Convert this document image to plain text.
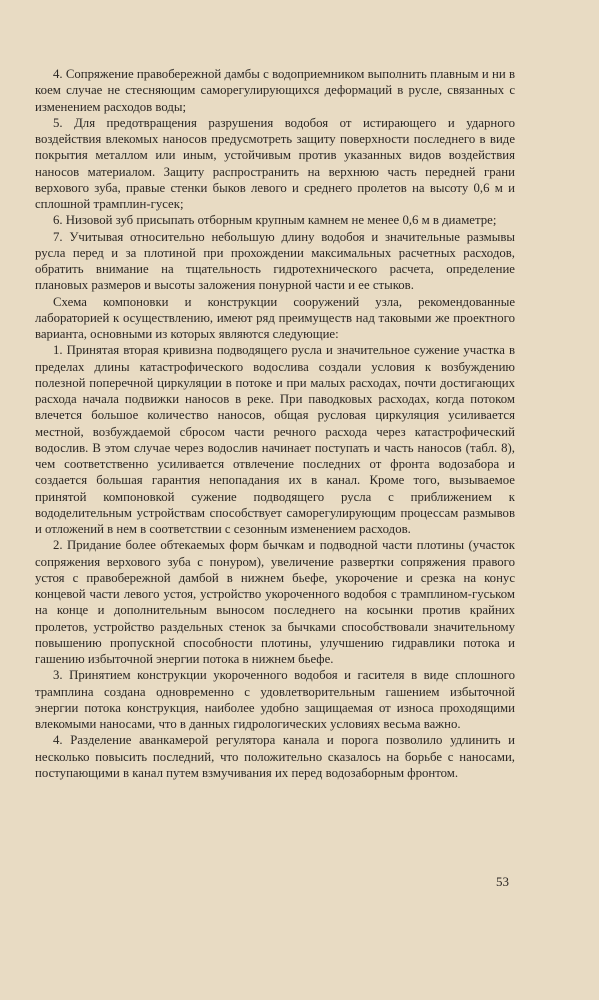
4. Сопряжение правобережной дамбы с водоприемником выполнить плавным и ни в коем случае не стесняющим саморегулирующихся деформаций в русле, связанных с изменением расходов воды;

5. Для предотвращения разрушения водобоя от истирающего и ударного воздействия влекомых наносов предусмотреть защиту поверхности последнего в виде покрытия металлом или иным, устойчивым против указанных видов воздействия наносов материалом. Защиту распространить на верхнюю часть передней грани верхового зуба, правые стенки быков левого и среднего пролетов на высоту 0,6 м и сплошной трамплин-гусек;

6. Низовой зуб присыпать отборным крупным камнем не менее 0,6 м в диаметре;

7. Учитывая относительно небольшую длину водобоя и значительные размывы русла перед и за плотиной при прохождении максимальных расчетных расходов, обратить внимание на тщательность гидротехнического расчета, определение плановых размеров и высоты заложения понурной части и ее стыков.

Схема компоновки и конструкции сооружений узла, рекомендованные лабораторией к осуществлению, имеют ряд преимуществ над таковыми же проектного варианта, основными из которых являются следующие:

1. Принятая вторая кривизна подводящего русла и значительное сужение участка в пределах длины катастрофического водослива создали условия к возбуждению полезной поперечной циркуляции в потоке и при малых расходах, почти достигающих расхода начала подвижки наносов в реке. При паводковых расходах, когда потоком влечется большое количество наносов, общая русловая циркуляция усиливается местной, возбуждаемой сбросом части речного расхода через катастрофический водослив. В этом случае через водослив начинает поступать и часть наносов (табл. 8), чем соответственно усиливается отвлечение последних от фронта водозабора и создается большая гарантия непопадания их в канал. Кроме того, вызываемое принятой компоновкой сужение подводящего русла с приближением к вододелительным устройствам способствует саморегулирующим процессам размывов и отложений в нем в соответствии с сезонным изменением расходов.

2. Придание более обтекаемых форм бычкам и подводной части плотины (участок сопряжения верхового зуба с понуром), увеличение развертки сопряжения правого устоя с правобережной дамбой в нижнем бьефе, укорочение и срезка на конус концевой части левого устоя, устройство укороченного водобоя с трамплином-гуськом на конце и дополнительным выносом последнего на косынки против крайних пролетов, устройство раздельных стенок за бычками способствовали значительному повышению пропускной способности плотины, улучшению гидравлики потока и гашению избыточной энергии потока в нижнем бьефе.

3. Принятием конструкции укороченного водобоя и гасителя в виде сплошного трамплина создана одновременно с удовлетворительным гашением избыточной энергии потока конструкция, наиболее удобно защищаемая от износа проходящими влекомыми наносами, что в данных гидрологических условиях весьма важно.

4. Разделение аванкамерой регулятора канала и порога позволило удлинить и несколько повысить последний, что положительно сказалось на борьбе с наносами, поступающими в канал путем взмучивания их перед водозаборным фронтом.

53
